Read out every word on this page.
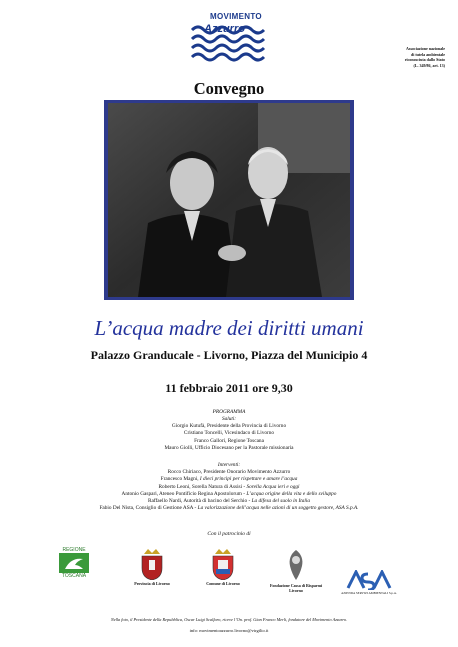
MOVIMENTO
Azzurro
Associazione nazionale
di tutela ambientale
riconosciuta dallo Stato
(L. 349/86, art. 13)
Convegno
L’acqua madre dei diritti umani
Palazzo Granducale - Livorno, Piazza del Municipio 4
11 febbraio 2011 ore 9,30
PROGRAMMA
Saluti:
Giorgio Kutufà, Presidente della Provincia di Livorno
Cristiano Toncelli, Vicesindaco di Livorno
Franco Gallori, Regione Toscana
Mauro Giolli, Ufficio Diocesano per la Pastorale missionaria
Interventi:
Rocco Chiriaco, Presidente Onorario Movimento Azzurro
Francesco Magni, I dieci principi per rispettare e amare l’acqua
Roberto Leoni, Sorella Natura di Assisi - Sorella Acqua ieri e oggi
Antonio Gaspari, Ateneo Pontificio Regina Apostolorum - L’acqua origine della vita e dello sviluppo
Raffaello Nardi, Autorità di bacino del Serchio - La difesa del suolo in Italia
Fabio Del Nista, Consiglio di Gestione ASA - La valorizzazione dell’acqua nelle azioni di un soggetto gestore, ASA S.p.A.
Con il patrocinio di
REGIONE
TOSCANA
Provincia di Livorno	Comune di Livorno	Fondazione Cassa di Risparmi Livorno	AZIENDA SERVIZI AMBIENTALI S.p.A.
Nella foto, il Presidente della Repubblica, Oscar Luigi Scalfaro, riceve l’On. prof. Gian Franco Merli, fondatore del Movimento Azzurro.
info: movimentoazzurro.livorno@virgilio.it
